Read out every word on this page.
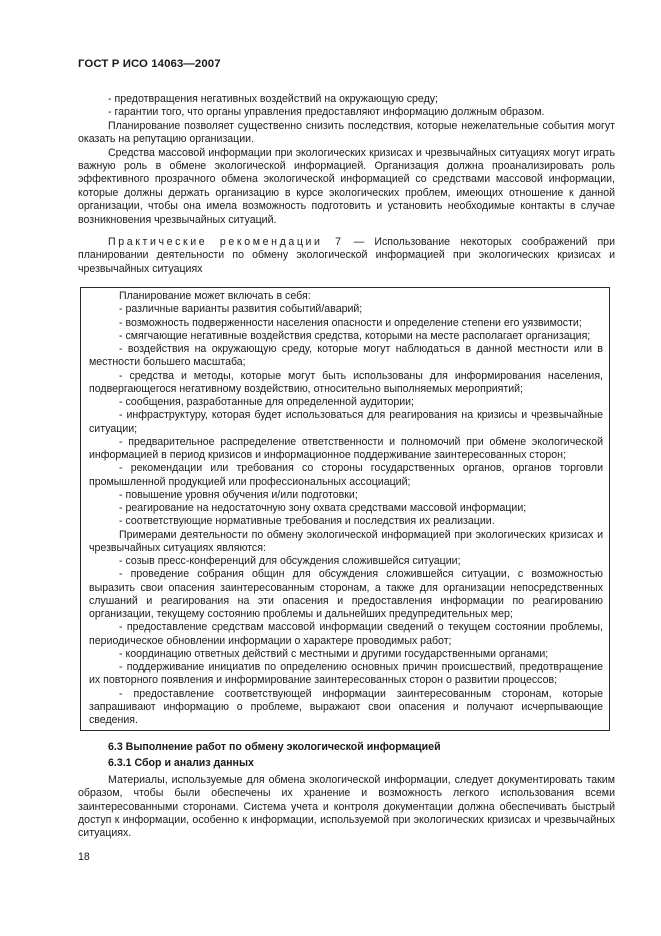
ГОСТ Р ИСО 14063—2007

- предотвращения негативных воздействий на окружающую среду;

- гарантии того, что органы управления предоставляют информацию должным образом.

Планирование позволяет существенно снизить последствия, которые нежелательные события могут оказать на репутацию организации.

Средства массовой информации при экологических кризисах и чрезвычайных ситуациях могут играть важную роль в обмене экологической информацией. Организация должна проанализировать роль эффективного прозрачного обмена экологической информацией со средствами массовой информации, которые должны держать организацию в курсе экологических проблем, имеющих отношение к данной организации, чтобы она имела возможность подготовить и установить необходимые контакты в случае возникновения чрезвычайных ситуаций.

Практические рекомендации 7 — Использование некоторых соображений при планировании деятельности по обмену экологической информацией при экологических кризисах и чрезвычайных ситуациях

Планирование может включать в себя:

- различные варианты развития событий/аварий;

- возможность подверженности населения опасности и определение степени его уязвимости;

- смягчающие негативные воздействия средства, которыми на месте располагает организация;

- воздействия на окружающую среду, которые могут наблюдаться в данной местности или в местности большего масштаба;

- средства и методы, которые могут быть использованы для информирования населения, подвергающегося негативному воздействию, относительно выполняемых мероприятий;

- сообщения, разработанные для определенной аудитории;

- инфраструктуру, которая будет использоваться для реагирования на кризисы и чрезвычайные ситуации;

- предварительное распределение ответственности и полномочий при обмене экологической информацией в период кризисов и информационное поддерживание заинтересованных сторон;

- рекомендации или требования со стороны государственных органов, органов торговли промышленной продукцией или профессиональных ассоциаций;

- повышение уровня обучения и/или подготовки;

- реагирование на недостаточную зону охвата средствами массовой информации;

- соответствующие нормативные требования и последствия их реализации.

Примерами деятельности по обмену экологической информацией при экологических кризисах и чрезвычайных ситуациях являются:

- созыв пресс-конференций для обсуждения сложившейся ситуации;

- проведение собрания общин для обсуждения сложившейся ситуации, с возможностью выразить свои опасения заинтересованным сторонам, а также для организации непосредственных слушаний и реагирования на эти опасения и предоставления информации по реагированию организации, текущему состоянию проблемы и дальнейших предупредительных мер;

- предоставление средствам массовой информации сведений о текущем состоянии проблемы, периодическое обновлении информации о характере проводимых работ;

- координацию ответных действий с местными и другими государственными органами;

- поддерживание инициатив по определению основных причин происшествий, предотвращение их повторного появления и информирование заинтересованных сторон о развитии процессов;

- предоставление соответствующей информации заинтересованным сторонам, которые запрашивают информацию о проблеме, выражают свои опасения и получают исчерпывающие сведения.

6.3 Выполнение работ по обмену экологической информацией

6.3.1 Сбор и анализ данных

Материалы, используемые для обмена экологической информации, следует документировать таким образом, чтобы были обеспечены их хранение и возможность легкого использования всеми заинтересованными сторонами. Система учета и контроля документации должна обеспечивать быстрый доступ к информации, особенно к информации, используемой при экологических кризисах и чрезвычайных ситуациях.

18
